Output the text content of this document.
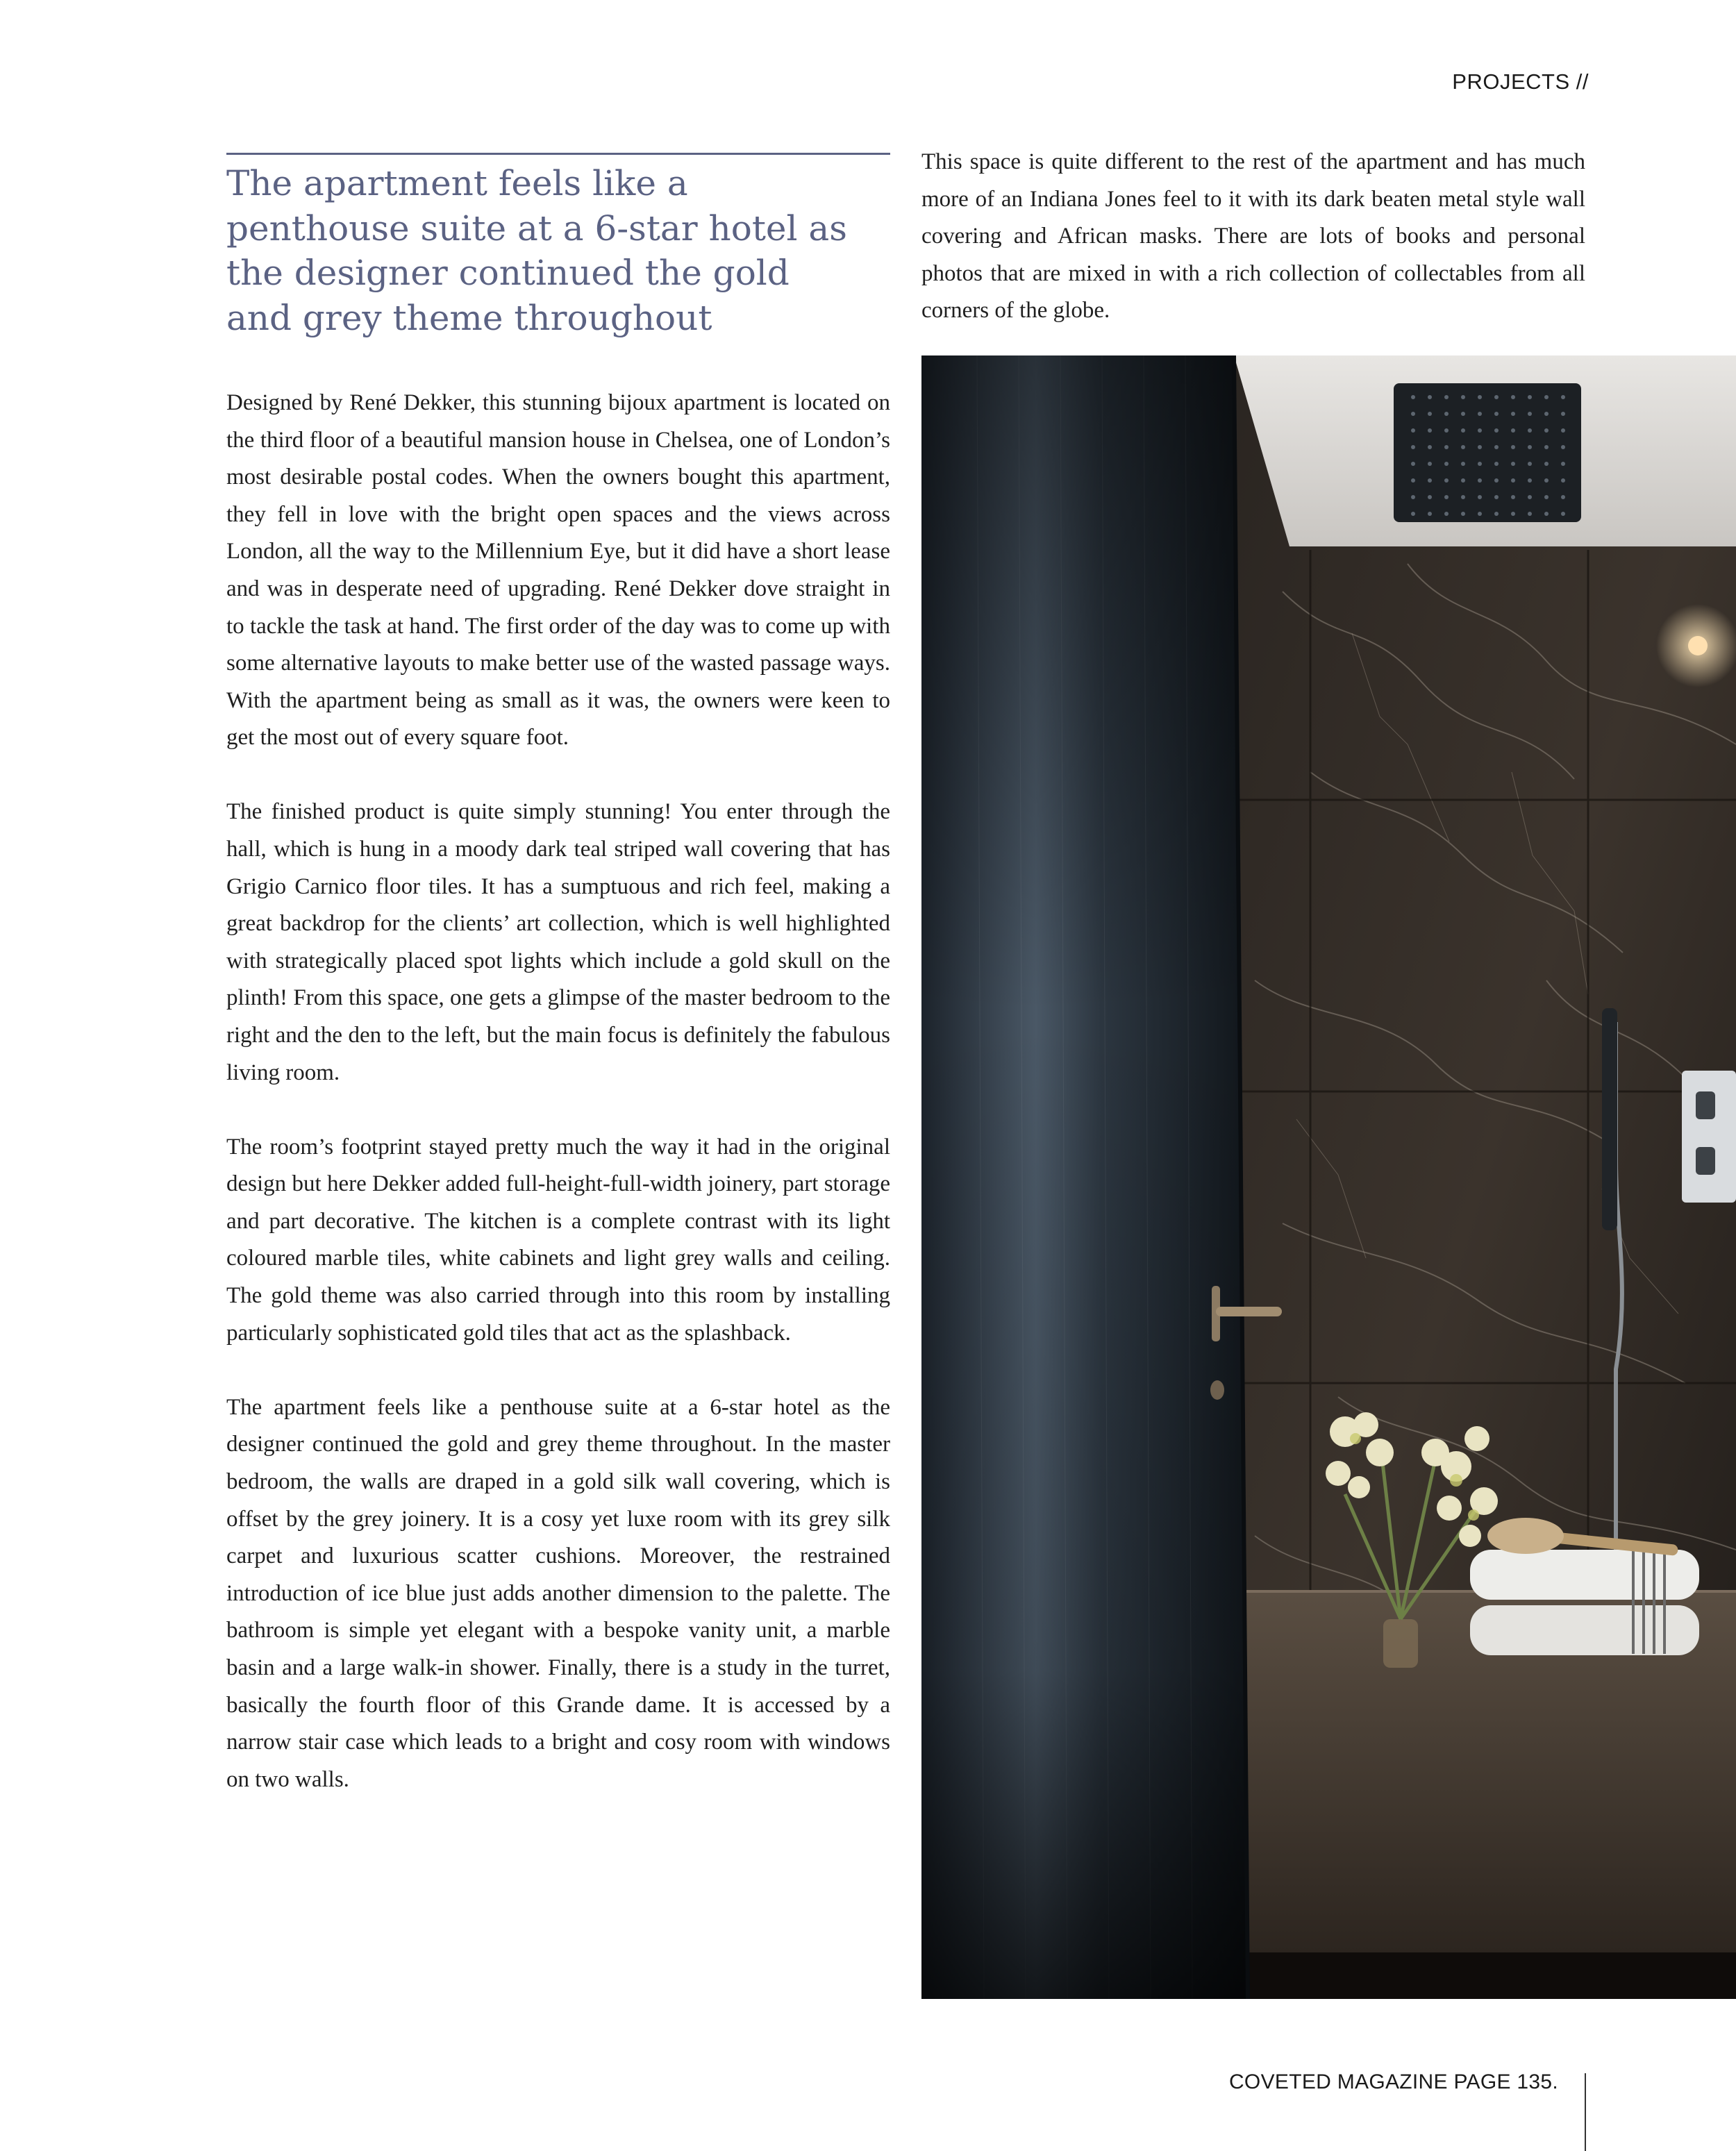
PROJECTS //
The apartment feels like a penthouse suite at a 6-star hotel as the designer continued the gold and grey theme throughout

Designed by René Dekker, this stunning bijoux apartment is located on the third floor of a beautiful mansion house in Chelsea, one of London’s most desirable postal codes. When the owners bought this apartment, they fell in love with the bright open spaces and the views across London, all the way to the Millennium Eye, but it did have a short lease and was in desperate need of upgrading. René Dekker dove straight in to tackle the task at hand. The first order of the day was to come up with some alternative layouts to make better use of the wasted passage ways. With the apartment being as small as it was, the owners were keen to get the most out of every square foot.

The finished product is quite simply stunning! You enter through the hall, which is hung in a moody dark teal striped wall covering that has Grigio Carnico floor tiles. It has a sumptuous and rich feel, making a great backdrop for the clients’ art collection, which is well highlighted with strategically placed spot lights which include a gold skull on the plinth! From this space, one gets a glimpse of the master bedroom to the right and the den to the left, but the main focus is definitely the fabulous living room.

The room’s footprint stayed pretty much the way it had in the original design but here Dekker added full-height-full-width joinery, part storage and part decorative. The kitchen is a complete contrast with its light coloured marble tiles, white cabinets and light grey walls and ceiling. The gold theme was also carried through into this room by installing particularly sophisticated gold tiles that act as the splashback.

The apartment feels like a penthouse suite at a 6-star hotel as the designer continued the gold and grey theme throughout. In the master bedroom, the walls are draped in a gold silk wall covering, which is offset by the grey joinery. It is a cosy yet luxe room with its grey silk carpet and luxurious scatter cushions. Moreover, the restrained introduction of ice blue just adds another dimension to the palette. The bathroom is simple yet elegant with a bespoke vanity unit, a marble basin and a large walk-in shower. Finally, there is a study in the turret, basically the fourth floor of this Grande dame. It is accessed by a narrow stair case which leads to a bright and cosy room with windows on two walls.

This space is quite different to the rest of the apartment and has much more of an Indiana Jones feel to it with its dark beaten metal style wall covering and African masks. There are lots of books and personal photos that are mixed in with a rich collection of collectables from all corners of the globe.

COVETED MAGAZINE PAGE 135.
